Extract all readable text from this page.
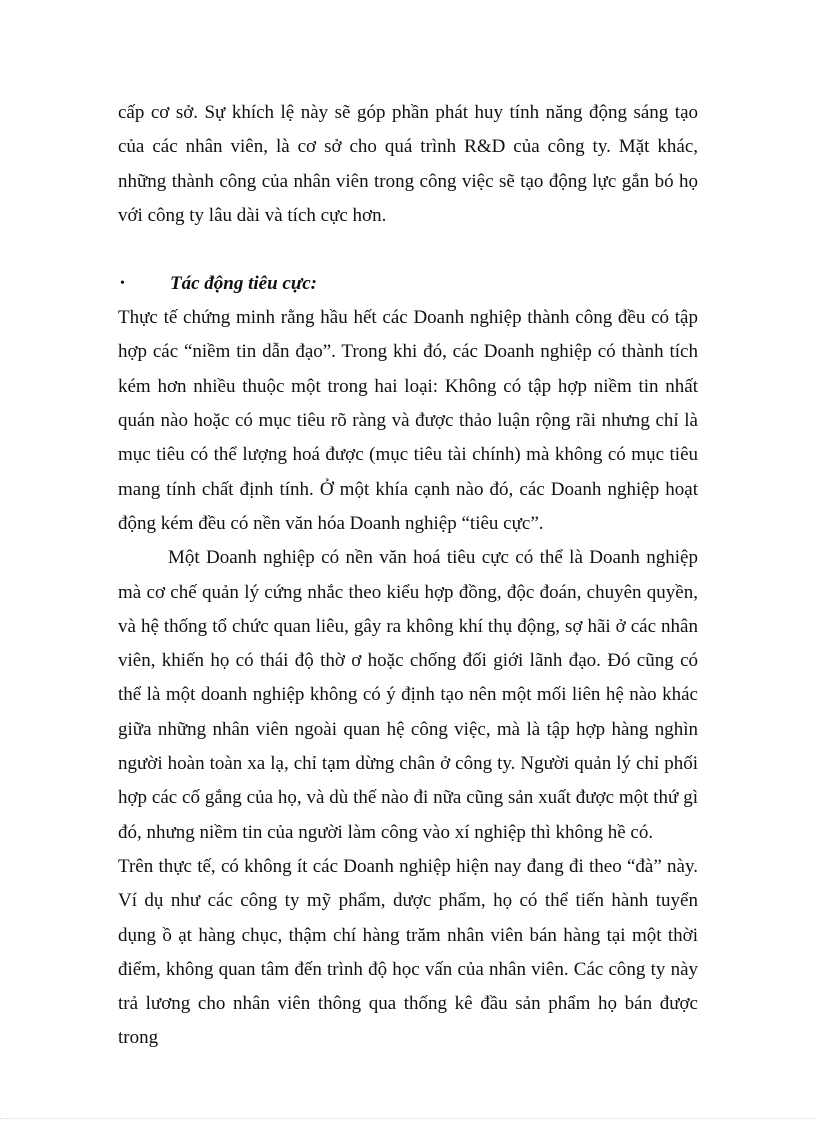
cấp cơ sở. Sự khích lệ này sẽ góp phần phát huy tính năng động sáng tạo của các nhân viên, là cơ sở cho quá trình R&D của công ty. Mặt khác, những thành công của nhân viên trong công việc sẽ tạo động lực gắn bó họ với công ty lâu dài và tích cực hơn.

•	Tác động tiêu cực:

Thực tế chứng minh rằng hầu hết các Doanh nghiệp thành công đều có tập hợp các “niềm tin dẫn đạo”. Trong khi đó, các Doanh nghiệp có thành tích kém hơn nhiều thuộc một trong hai loại: Không có tập hợp niềm tin nhất quán nào hoặc có mục tiêu rõ ràng và được thảo luận rộng rãi nhưng chỉ là mục tiêu có thể lượng hoá được (mục tiêu tài chính) mà không có mục tiêu mang tính chất định tính. Ở một khía cạnh nào đó, các Doanh nghiệp hoạt động kém đều có nền văn hóa Doanh nghiệp “tiêu cực”.

Một Doanh nghiệp có nền văn hoá tiêu cực có thể là Doanh nghiệp mà cơ chế quản lý cứng nhắc theo kiểu hợp đồng, độc đoán, chuyên quyền, và hệ thống tổ chức quan liêu, gây ra không khí thụ động, sợ hãi ở các nhân viên, khiến họ có thái độ thờ ơ hoặc chống đối giới lãnh đạo. Đó cũng có thể là một doanh nghiệp không có ý định tạo nên một mối liên hệ nào khác giữa những nhân viên ngoài quan hệ công việc, mà là tập hợp hàng nghìn người hoàn toàn xa lạ, chỉ tạm dừng chân ở công ty. Người quản lý chỉ phối hợp các cố gắng của họ, và dù thế nào đi nữa cũng sản xuất được một thứ gì đó, nhưng niềm tin của người làm công vào xí nghiệp thì không hề có.

Trên thực tế, có không ít các Doanh nghiệp hiện nay đang đi theo “đà” này. Ví dụ như các công ty mỹ phẩm, dược phẩm, họ có thể tiến hành tuyển dụng ồ ạt hàng chục, thậm chí hàng trăm nhân viên bán hàng tại một thời điểm, không quan tâm đến trình độ học vấn của nhân viên. Các công ty này trả lương cho nhân viên thông qua thống kê đầu sản phẩm họ bán được trong
